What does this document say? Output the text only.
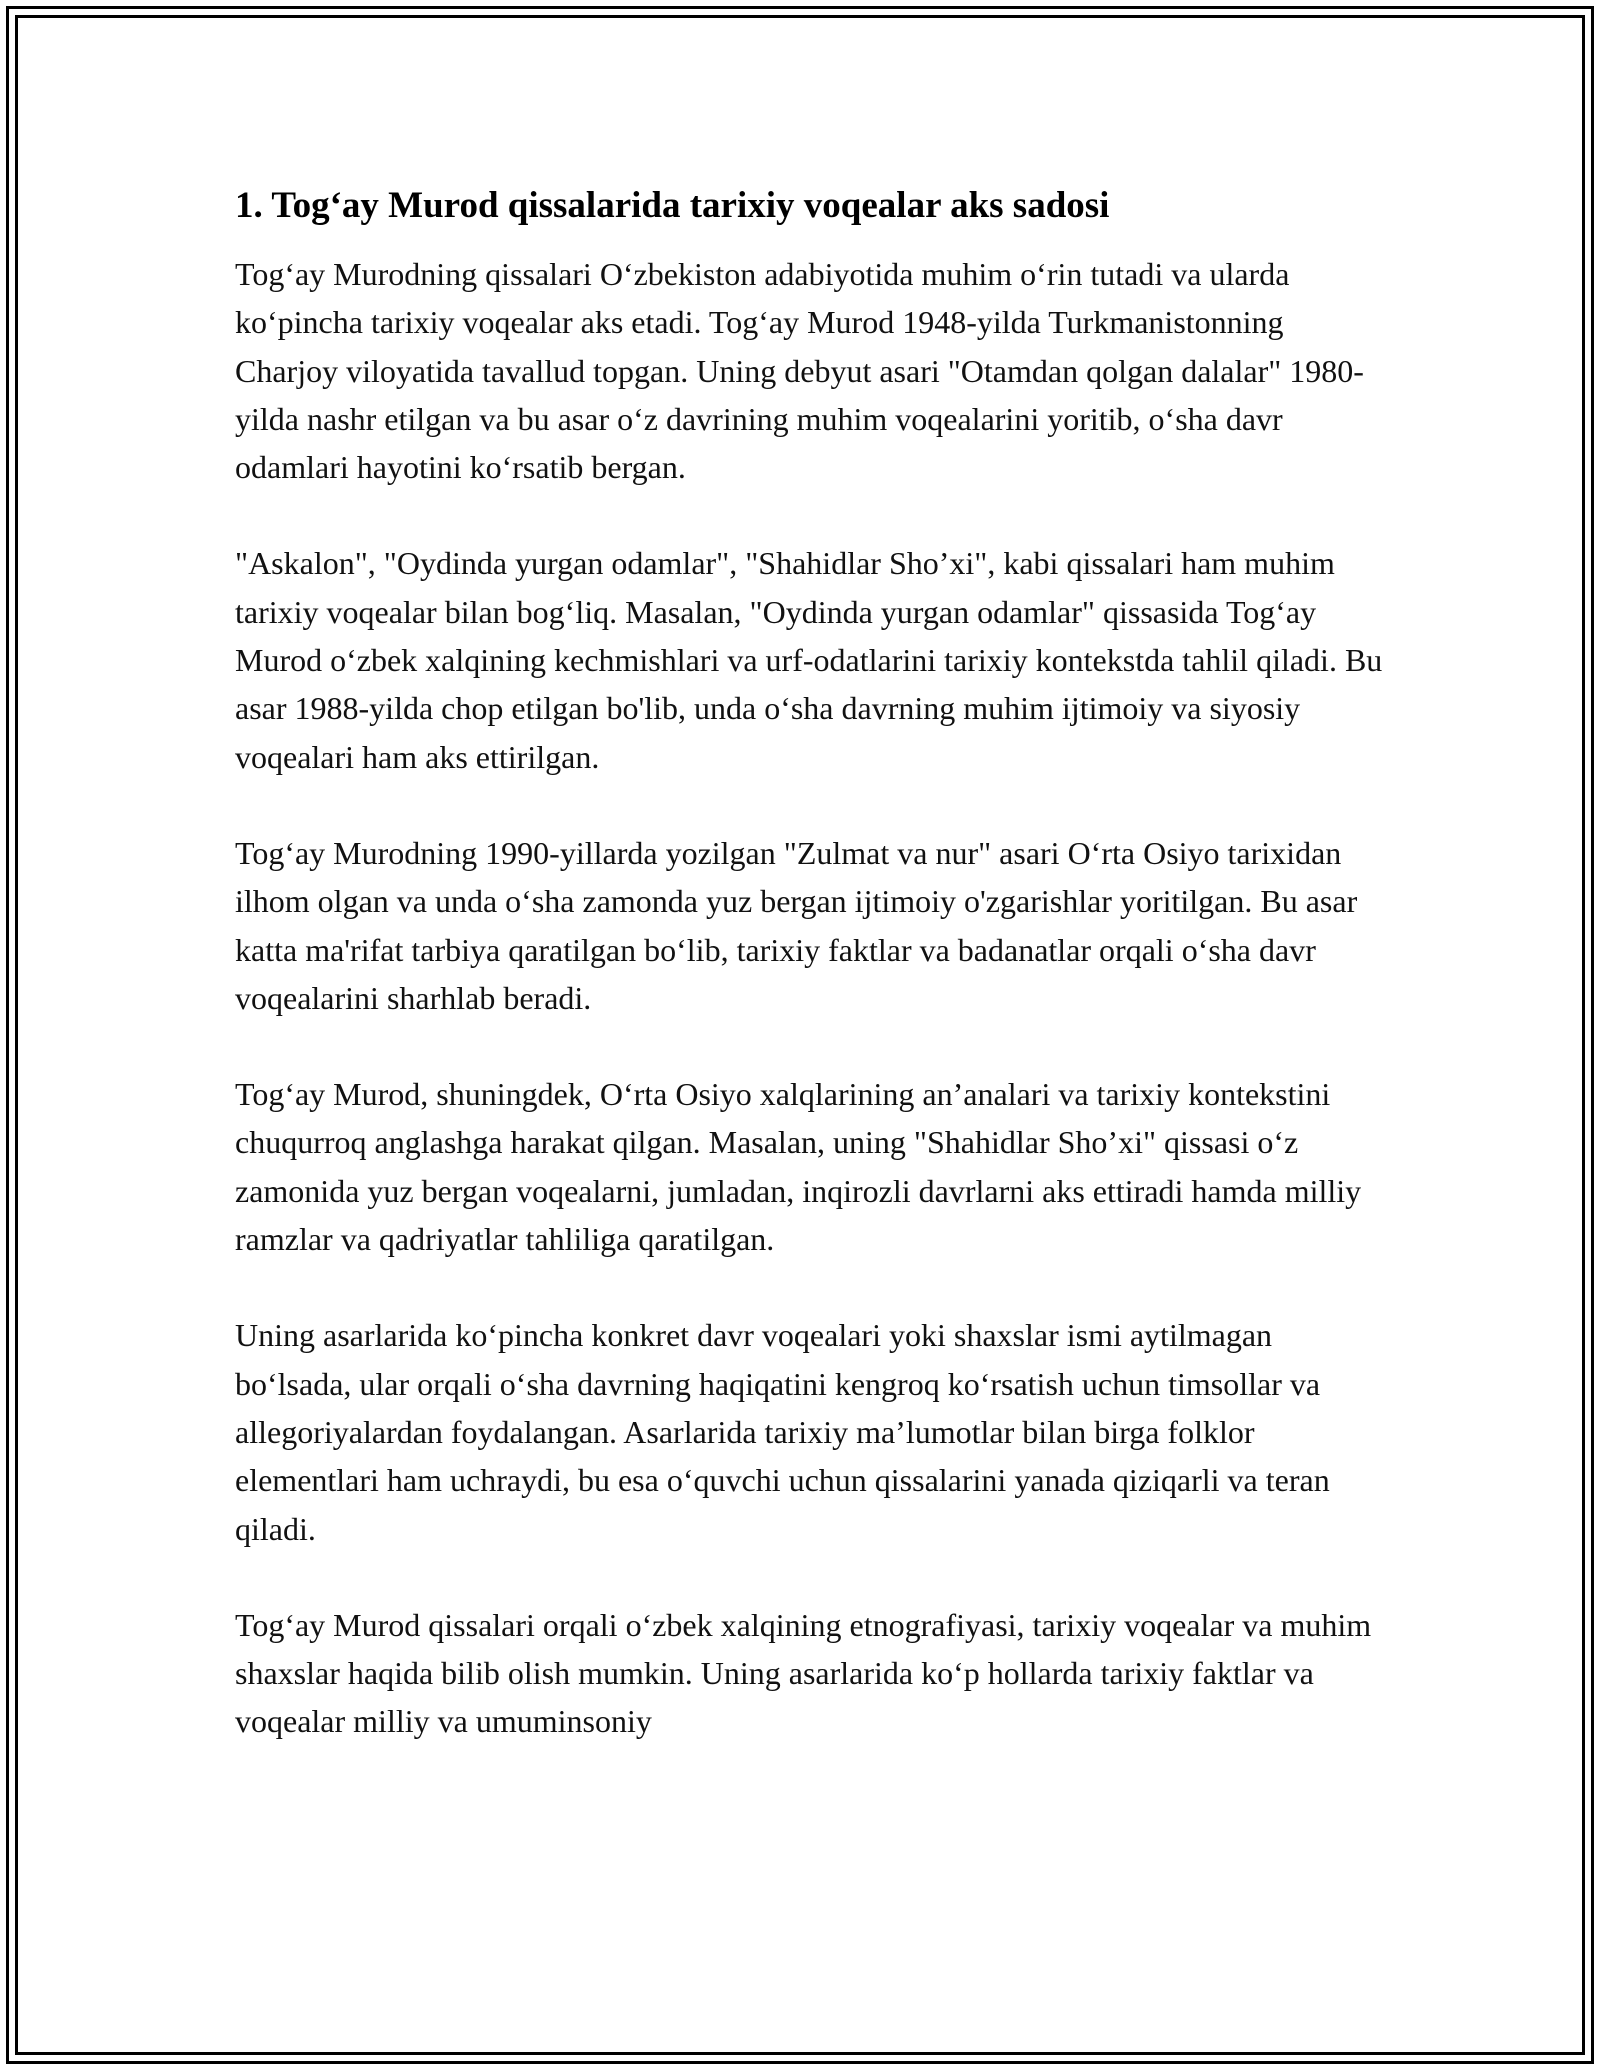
1. Tog‘ay Murod qissalarida tarixiy voqealar aks sadosi

Tog‘ay Murodning qissalari O‘zbekiston adabiyotida muhim o‘rin tutadi va ularda ko‘pincha tarixiy voqealar aks etadi. Tog‘ay Murod 1948-yilda Turkmanistonning Charjoy viloyatida tavallud topgan. Uning debyut asari "Otamdan qolgan dalalar" 1980-yilda nashr etilgan va bu asar o‘z davrining muhim voqealarini yoritib, o‘sha davr odamlari hayotini ko‘rsatib bergan.

"Askalon", "Oydinda yurgan odamlar", "Shahidlar Sho’xi", kabi qissalari ham muhim tarixiy voqealar bilan bog‘liq. Masalan, "Oydinda yurgan odamlar" qissasida Tog‘ay Murod o‘zbek xalqining kechmishlari va urf-odatlarini tarixiy kontekstda tahlil qiladi. Bu asar 1988-yilda chop etilgan bo'lib, unda o‘sha davrning muhim ijtimoiy va siyosiy voqealari ham aks ettirilgan.

Tog‘ay Murodning 1990-yillarda yozilgan "Zulmat va nur" asari O‘rta Osiyo tarixidan ilhom olgan va unda o‘sha zamonda yuz bergan ijtimoiy o'zgarishlar yoritilgan. Bu asar katta ma'rifat tarbiya qaratilgan bo‘lib, tarixiy faktlar va badanatlar orqali o‘sha davr voqealarini sharhlab beradi.

Tog‘ay Murod, shuningdek, O‘rta Osiyo xalqlarining an’analari va tarixiy kontekstini chuqurroq anglashga harakat qilgan. Masalan, uning "Shahidlar Sho’xi" qissasi o‘z zamonida yuz bergan voqealarni, jumladan, inqirozli davrlarni aks ettiradi hamda milliy ramzlar va qadriyatlar tahliliga qaratilgan.

Uning asarlarida ko‘pincha konkret davr voqealari yoki shaxslar ismi aytilmagan bo‘lsada, ular orqali o‘sha davrning haqiqatini kengroq ko‘rsatish uchun timsollar va allegoriyalardan foydalangan. Asarlarida tarixiy ma’lumotlar bilan birga folklor elementlari ham uchraydi, bu esa o‘quvchi uchun qissalarini yanada qiziqarli va teran qiladi.

Tog‘ay Murod qissalari orqali o‘zbek xalqining etnografiyasi, tarixiy voqealar va muhim shaxslar haqida bilib olish mumkin. Uning asarlarida ko‘p hollarda tarixiy faktlar va voqealar milliy va umuminsoniy
